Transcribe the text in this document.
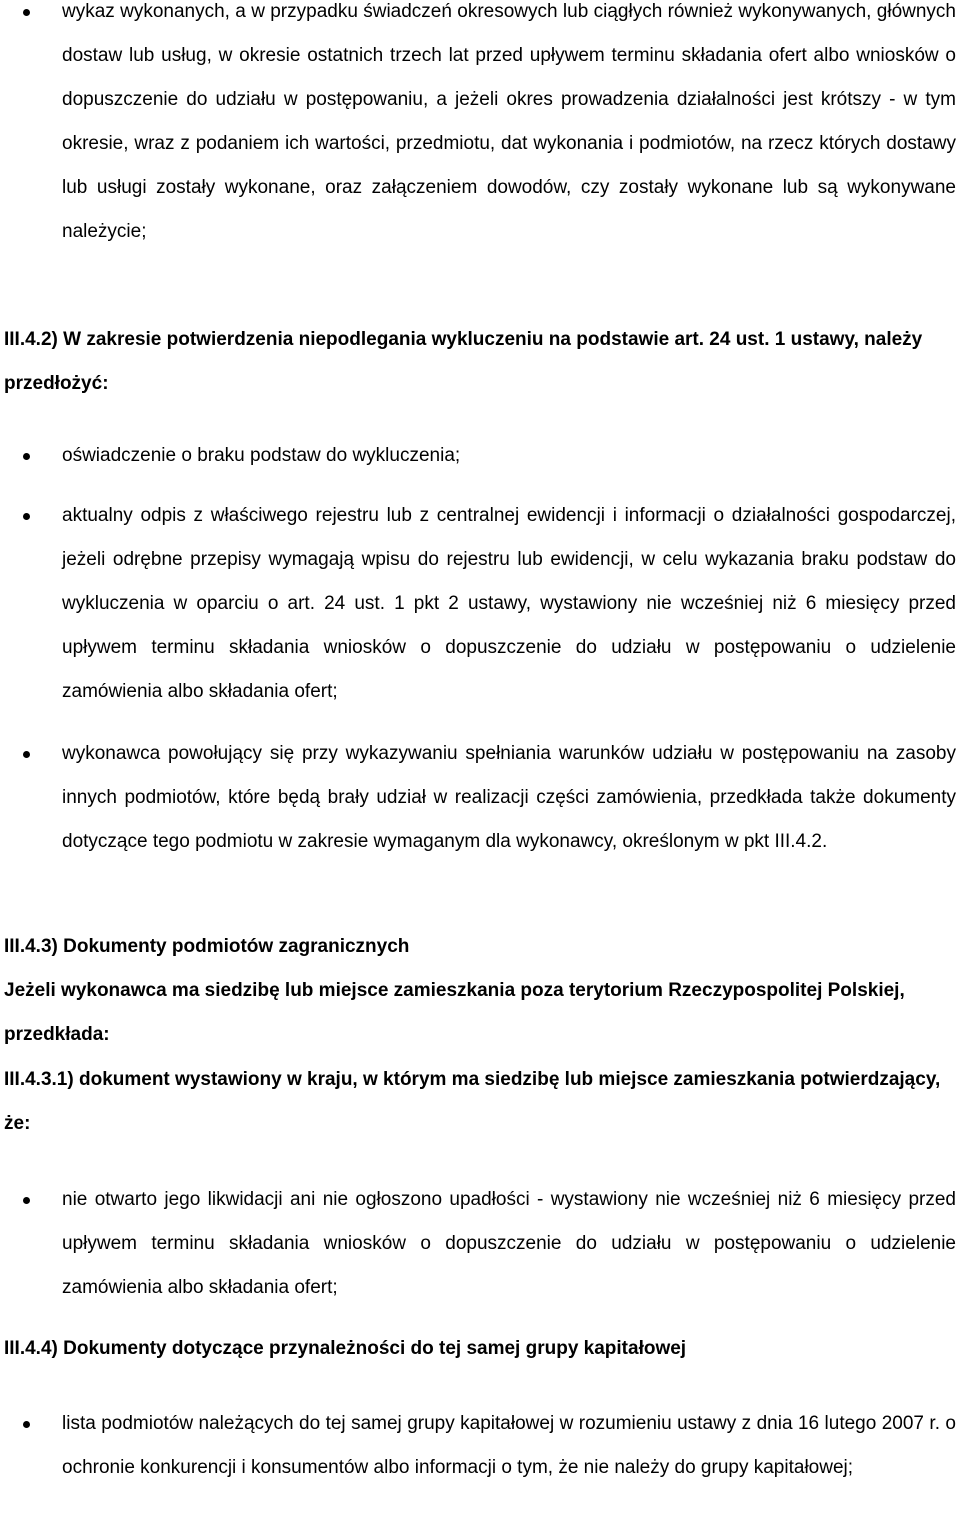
wykaz wykonanych, a w przypadku świadczeń okresowych lub ciągłych również wykonywanych, głównych dostaw lub usług, w okresie ostatnich trzech lat przed upływem terminu składania ofert albo wniosków o dopuszczenie do udziału w postępowaniu, a jeżeli okres prowadzenia działalności jest krótszy - w tym okresie, wraz z podaniem ich wartości, przedmiotu, dat wykonania i podmiotów, na rzecz których dostawy lub usługi zostały wykonane, oraz załączeniem dowodów, czy zostały wykonane lub są wykonywane należycie;
III.4.2) W zakresie potwierdzenia niepodlegania wykluczeniu na podstawie art. 24 ust. 1 ustawy, należy przedłożyć:
oświadczenie o braku podstaw do wykluczenia;
aktualny odpis z właściwego rejestru lub z centralnej ewidencji i informacji o działalności gospodarczej, jeżeli odrębne przepisy wymagają wpisu do rejestru lub ewidencji, w celu wykazania braku podstaw do wykluczenia w oparciu o art. 24 ust. 1 pkt 2 ustawy, wystawiony nie wcześniej niż 6 miesięcy przed upływem terminu składania wniosków o dopuszczenie do udziału w postępowaniu o udzielenie zamówienia albo składania ofert;
wykonawca powołujący się przy wykazywaniu spełniania warunków udziału w postępowaniu na zasoby innych podmiotów, które będą brały udział w realizacji części zamówienia, przedkłada także dokumenty dotyczące tego podmiotu w zakresie wymaganym dla wykonawcy, określonym w pkt III.4.2.
III.4.3) Dokumenty podmiotów zagranicznych
Jeżeli wykonawca ma siedzibę lub miejsce zamieszkania poza terytorium Rzeczypospolitej Polskiej, przedkłada:
III.4.3.1) dokument wystawiony w kraju, w którym ma siedzibę lub miejsce zamieszkania potwierdzający, że:
nie otwarto jego likwidacji ani nie ogłoszono upadłości - wystawiony nie wcześniej niż 6 miesięcy przed upływem terminu składania wniosków o dopuszczenie do udziału w postępowaniu o udzielenie zamówienia albo składania ofert;
III.4.4) Dokumenty dotyczące przynależności do tej samej grupy kapitałowej
lista podmiotów należących do tej samej grupy kapitałowej w rozumieniu ustawy z dnia 16 lutego 2007 r. o ochronie konkurencji i konsumentów albo informacji o tym, że nie należy do grupy kapitałowej;
